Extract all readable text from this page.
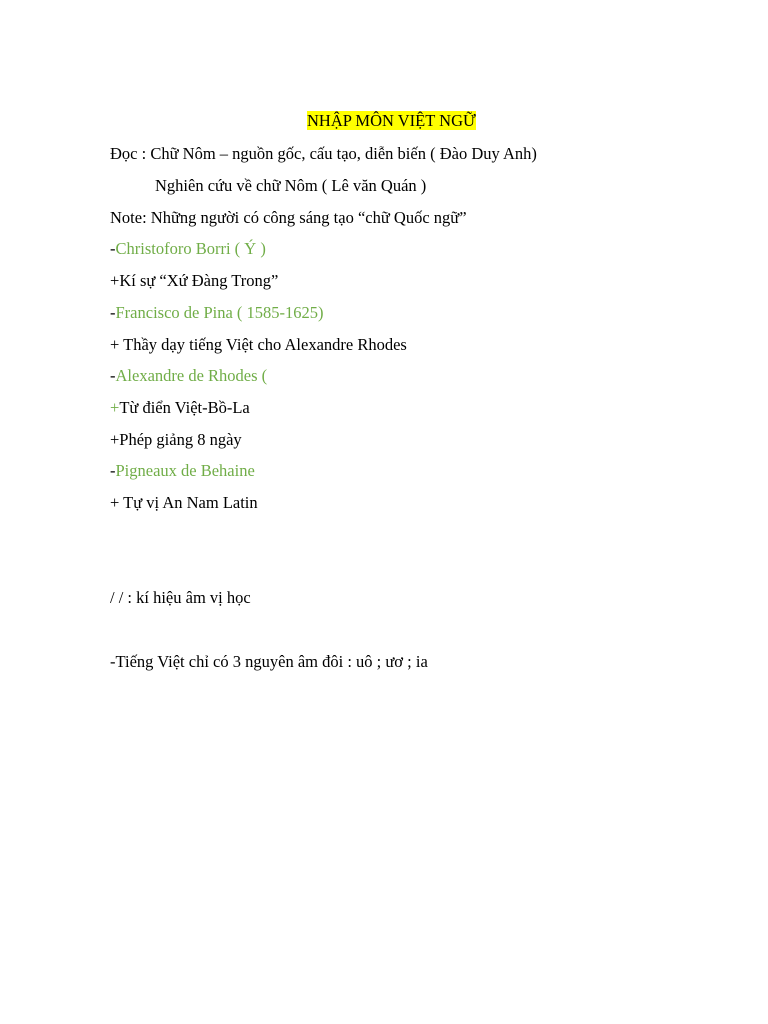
NHẬP MÔN VIỆT NGỮ
Đọc : Chữ Nôm – nguồn gốc, cấu tạo, diễn biến ( Đào Duy Anh)
Nghiên cứu về chữ Nôm ( Lê văn Quán )
Note: Những người có công sáng tạo “chữ Quốc ngữ”
-Christoforo Borri ( Ý )
+Kí sự “Xứ Đàng Trong”
-Francisco de Pina ( 1585-1625)
+ Thầy dạy tiếng Việt cho Alexandre Rhodes
-Alexandre de Rhodes (
+Từ điển Việt-Bồ-La
+Phép giảng 8 ngày
-Pigneaux de Behaine
+ Tự vị An Nam Latin
/ / : kí hiệu âm vị học
-Tiếng Việt chỉ có 3 nguyên âm đôi : uô ; ươ ; ia
